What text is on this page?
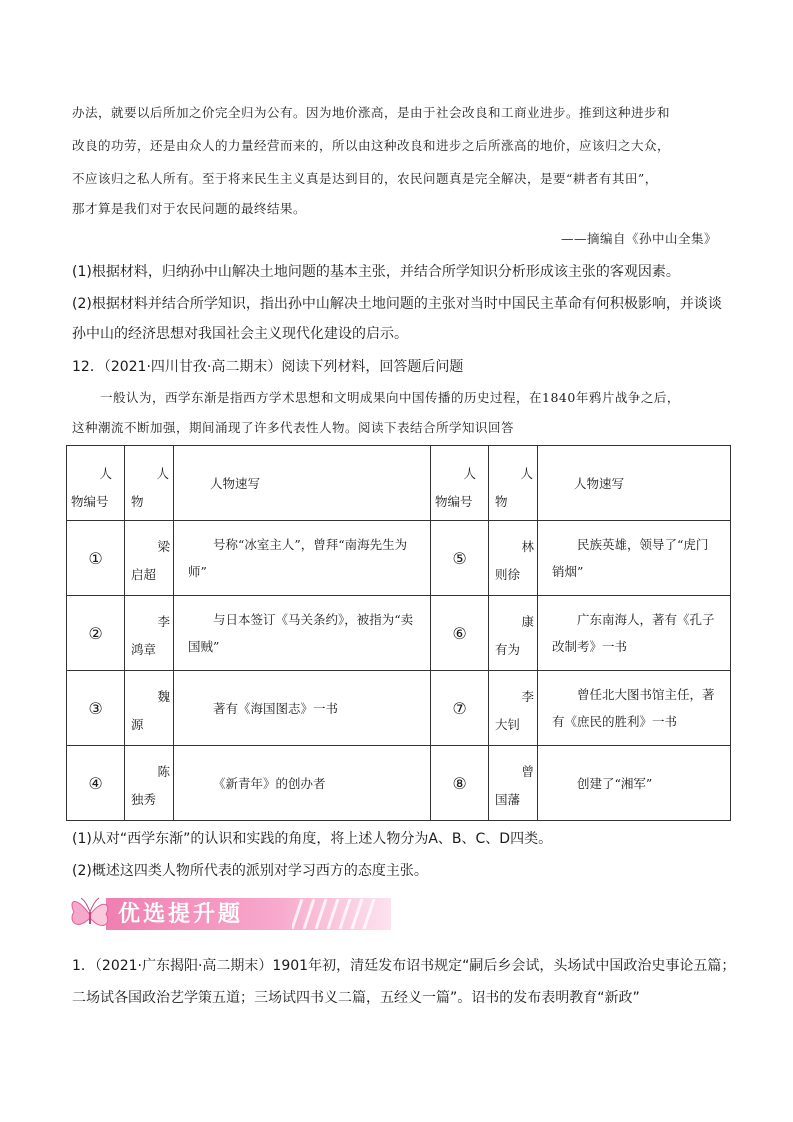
办法，就要以后所加之价完全归为公有。因为地价涨高，是由于社会改良和工商业进步。推到这种进步和
改良的功劳，还是由众人的力量经营而来的，所以由这种改良和进步之后所涨高的地价，应该归之大众，
不应该归之私人所有。至于将来民生主义真是达到目的，农民问题真是完全解决，是要“耕者有其田”，
那才算是我们对于农民问题的最终结果。
——摘编自《孙中山全集》
(1)根据材料，归纳孙中山解决土地问题的基本主张，并结合所学知识分析形成该主张的客观因素。
(2)根据材料并结合所学知识，指出孙中山解决土地问题的主张对当时中国民主革命有何积极影响，并谈谈
孙中山的经济思想对我国社会主义现代化建设的启示。
12．（2021·四川甘孜·高二期末）阅读下列材料，回答题后问题
一般认为，西学东渐是指西方学术思想和文明成果向中国传播的历史过程，在1840年鸦片战争之后，
这种潮流不断加强，期间涌现了许多代表性人物。阅读下表结合所学知识回答
人
物编号	人
物	人物速写	人
物编号	人
物	人物速写
①	梁
启超	号称“冰室主人”，曾拜“南海先生为师”	⑤	林
则徐	民族英雄，领导了“虎门销烟”
②	李
鸿章	与日本签订《马关条约》，被指为“卖国贼”	⑥	康
有为	广东南海人，著有《孔子改制考》一书
③	魏
源	著有《海国图志》一书	⑦	李
大钊	曾任北大图书馆主任，著有《庶民的胜利》一书
④	陈
独秀	《新青年》的创办者	⑧	曾
国藩	创建了“湘军”
(1)从对“西学东渐”的认识和实践的角度，将上述人物分为A、B、C、D四类。
(2)概述这四类人物所代表的派别对学习西方的态度主张。
优选提升题
1．（2021·广东揭阳·高二期末）1901年初，清廷发布诏书规定“嗣后乡会试，头场试中国政治史事论五篇；
二场试各国政治艺学策五道；三场试四书义二篇，五经义一篇”。诏书的发布表明教育“新政”
